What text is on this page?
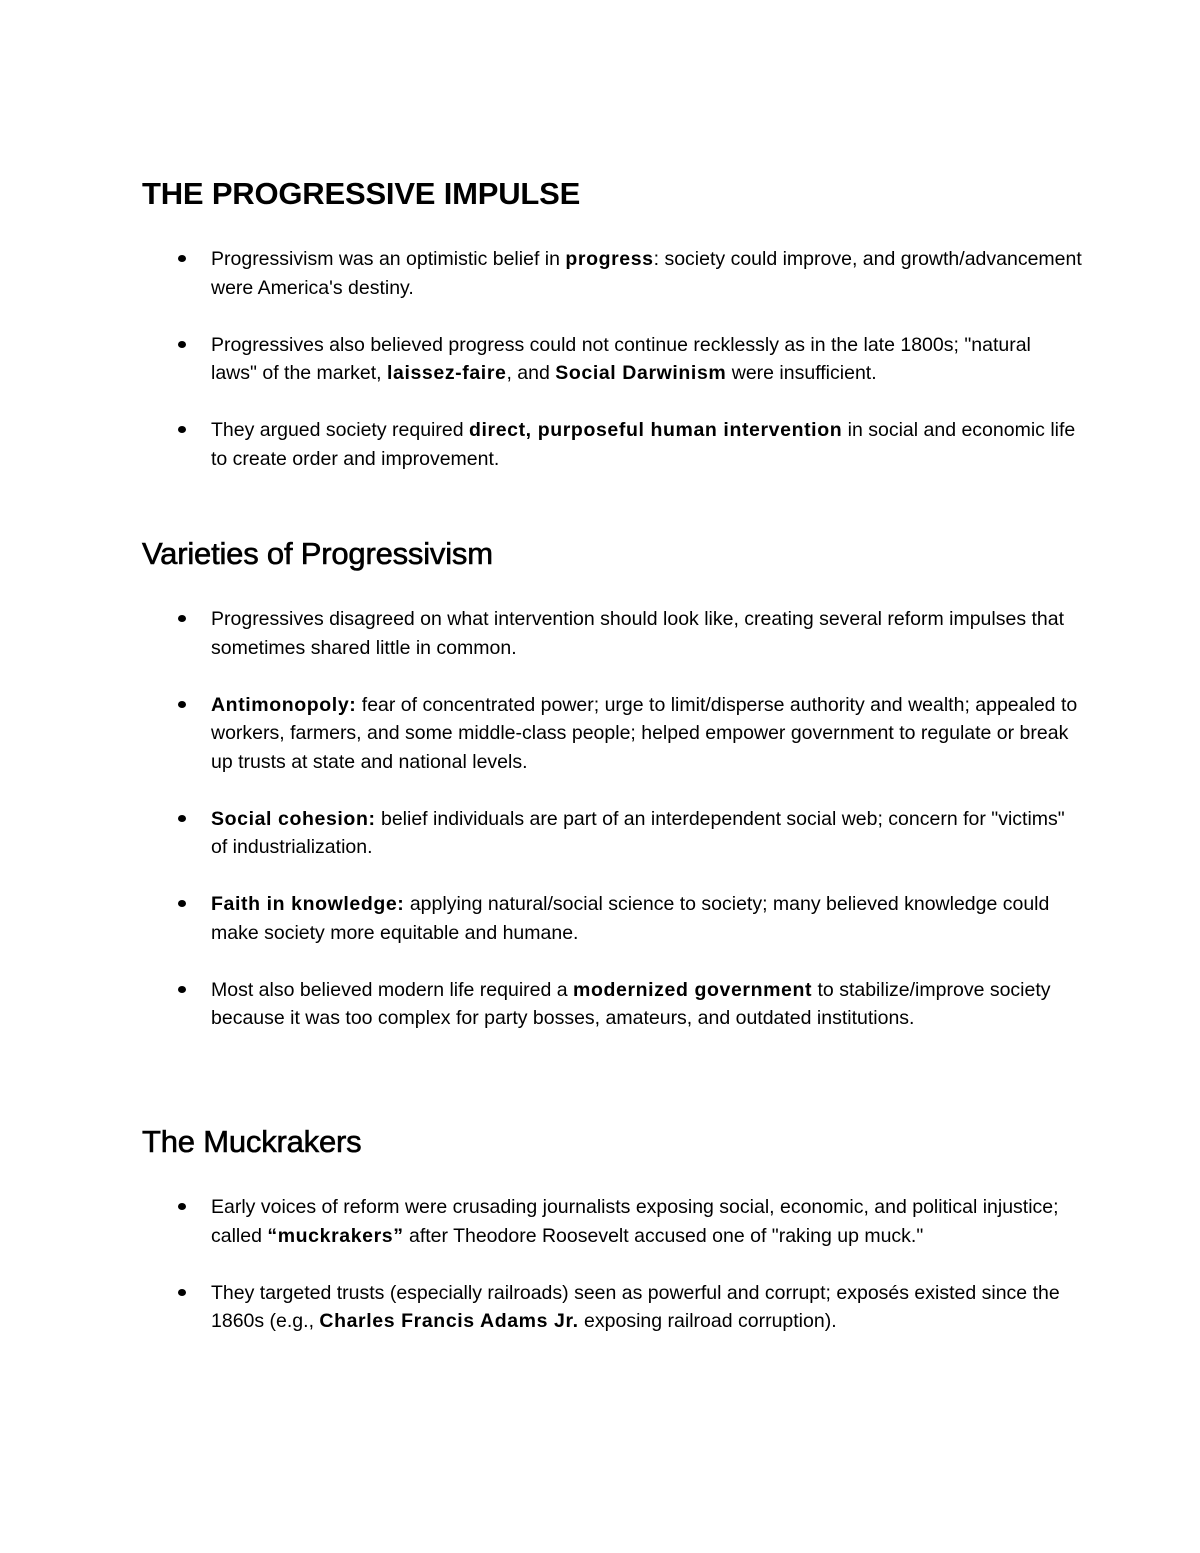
THE PROGRESSIVE IMPULSE
Progressivism was an optimistic belief in progress: society could improve, and growth/advancement were America's destiny.
Progressives also believed progress could not continue recklessly as in the late 1800s; "natural laws" of the market, laissez-faire, and Social Darwinism were insufficient.
They argued society required direct, purposeful human intervention in social and economic life to create order and improvement.
Varieties of Progressivism
Progressives disagreed on what intervention should look like, creating several reform impulses that sometimes shared little in common.
Antimonopoly: fear of concentrated power; urge to limit/disperse authority and wealth; appealed to workers, farmers, and some middle-class people; helped empower government to regulate or break up trusts at state and national levels.
Social cohesion: belief individuals are part of an interdependent social web; concern for "victims" of industrialization.
Faith in knowledge: applying natural/social science to society; many believed knowledge could make society more equitable and humane.
Most also believed modern life required a modernized government to stabilize/improve society because it was too complex for party bosses, amateurs, and outdated institutions.
The Muckrakers
Early voices of reform were crusading journalists exposing social, economic, and political injustice; called “muckrakers” after Theodore Roosevelt accused one of "raking up muck."
They targeted trusts (especially railroads) seen as powerful and corrupt; exposés existed since the 1860s (e.g., Charles Francis Adams Jr. exposing railroad corruption).
